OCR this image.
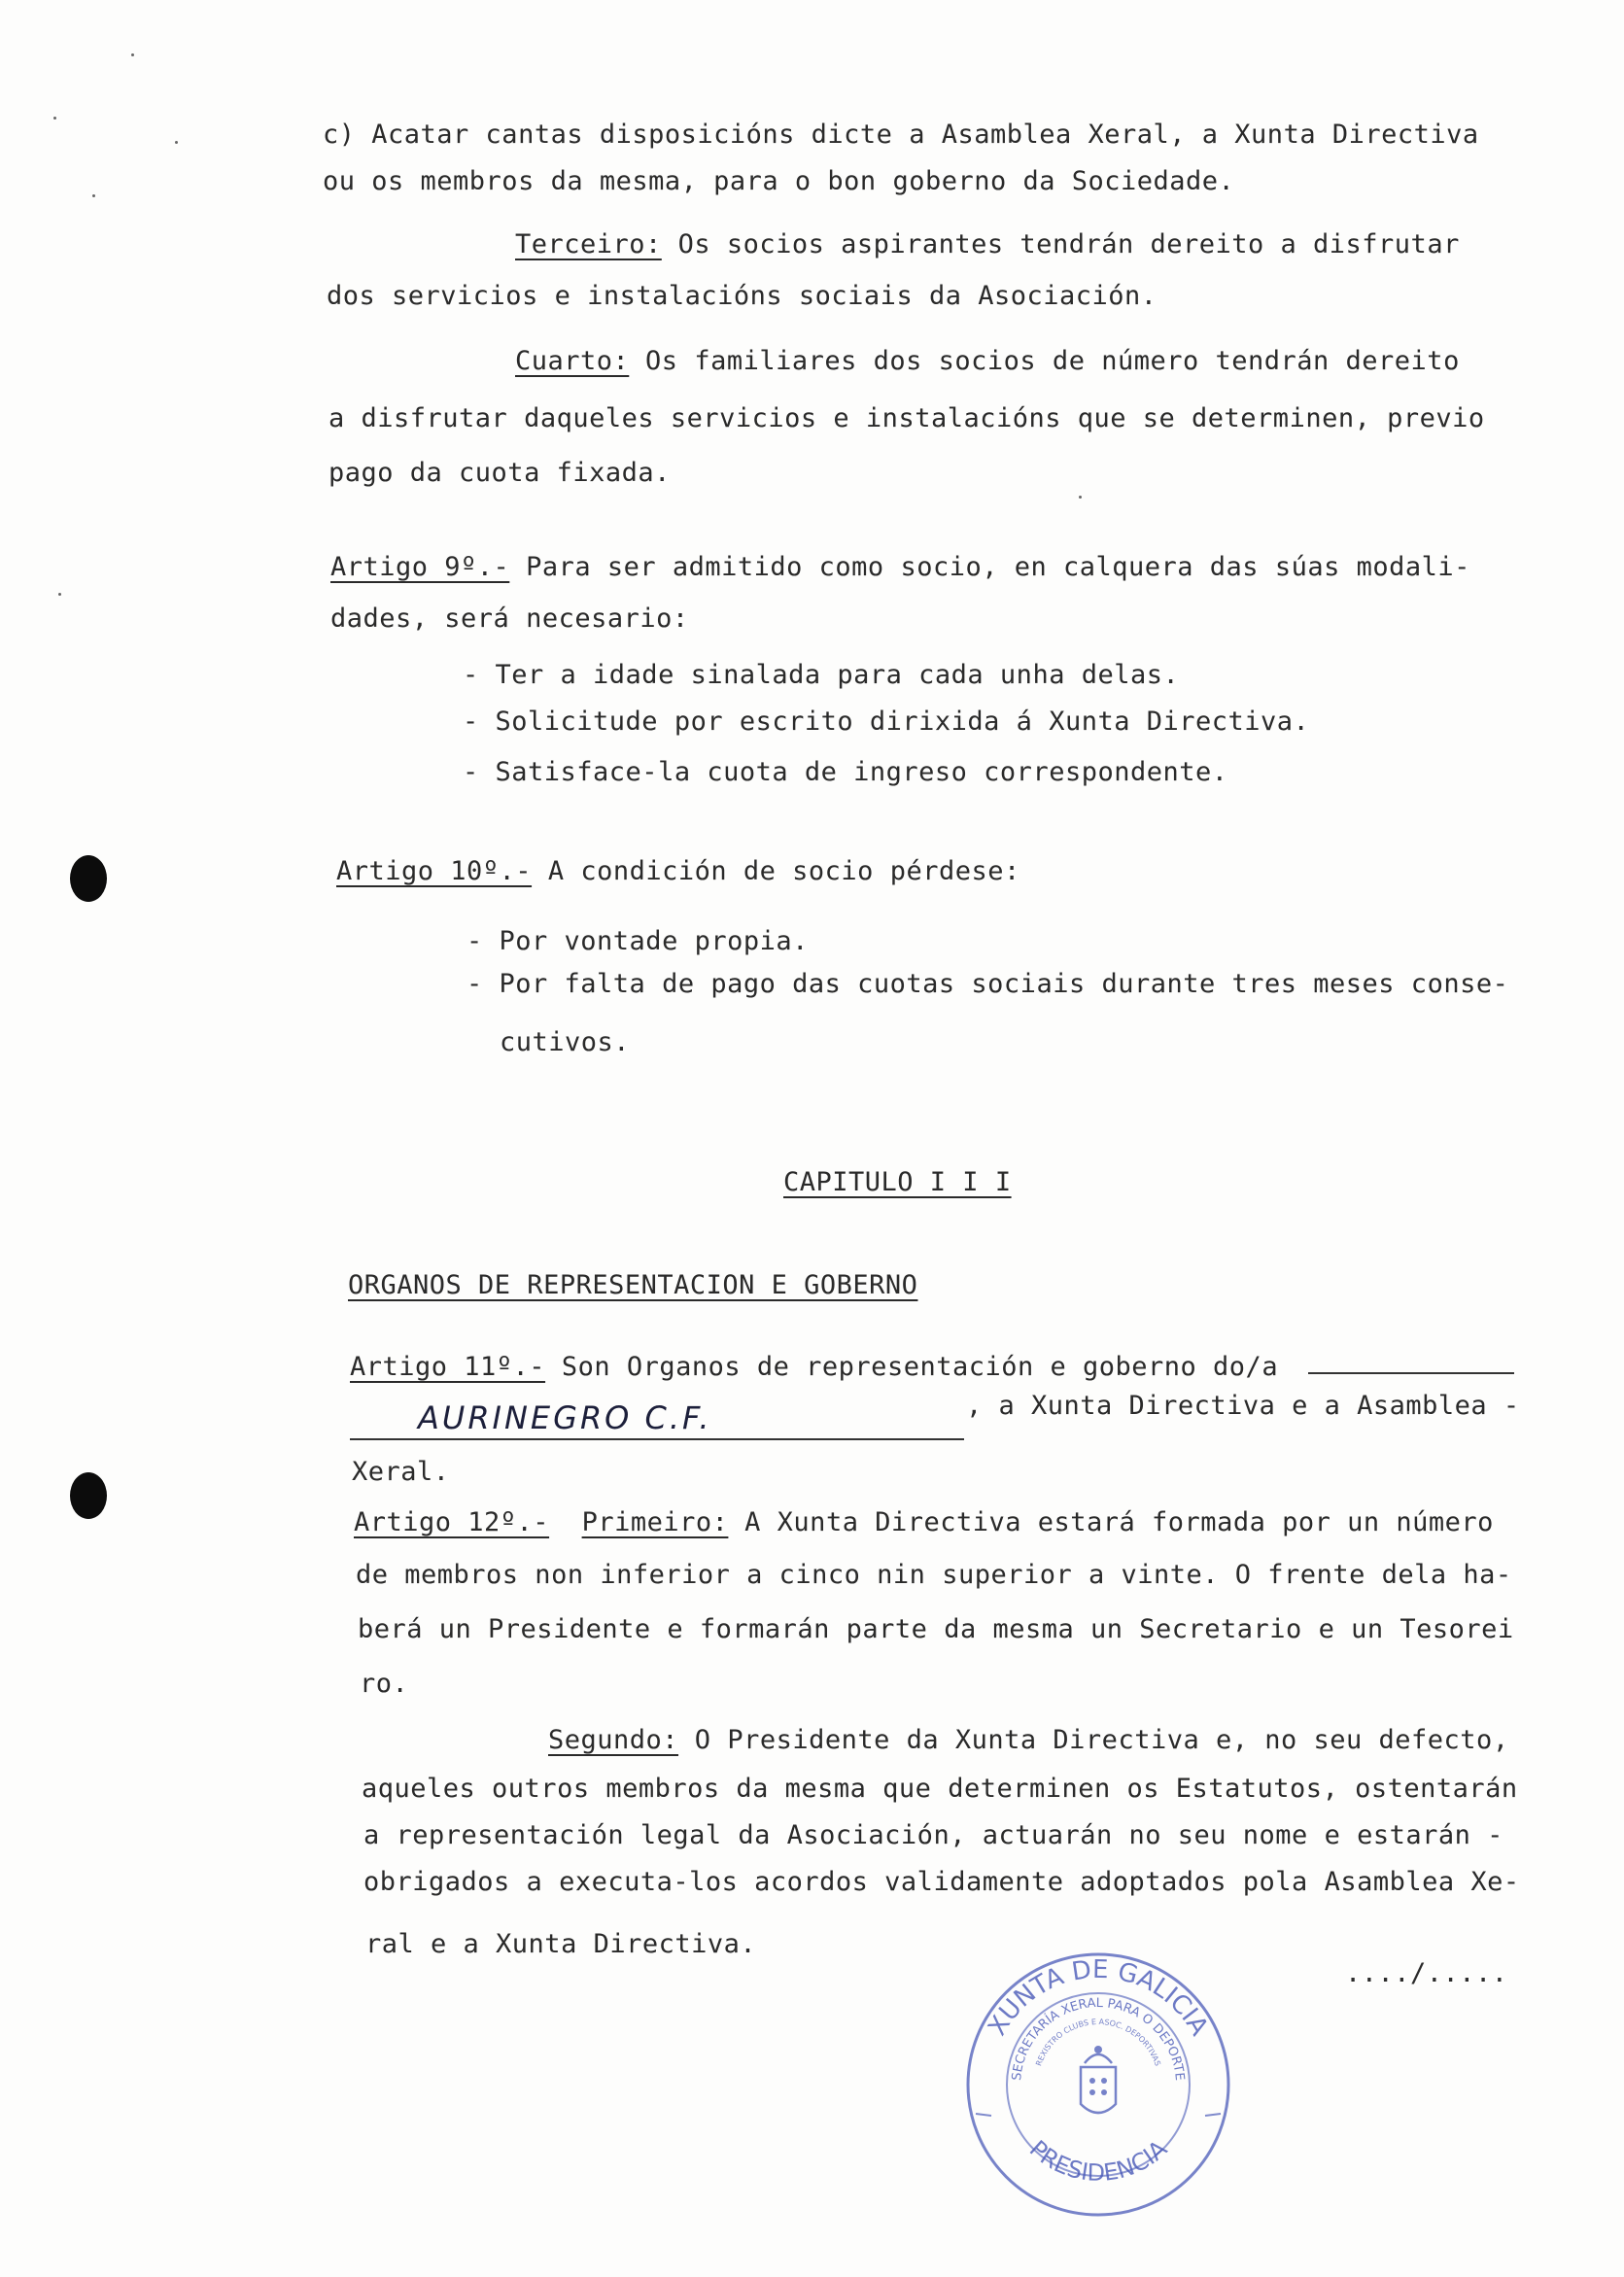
c) Acatar cantas disposicións dicte a Asamblea Xeral, a Xunta Directiva
ou os membros da mesma, para o bon goberno da Sociedade.
Terceiro: Os socios aspirantes tendrán dereito a disfrutar
dos servicios e instalacións sociais da Asociación.
Cuarto: Os familiares dos socios de número tendrán dereito
a disfrutar daqueles servicios e instalacións que se determinen, previo
pago da cuota fixada.
Artigo 9º.- Para ser admitido como socio, en calquera das súas modali-
dades, será necesario:
- Ter a idade sinalada para cada unha delas.
- Solicitude por escrito dirixida á Xunta Directiva.
- Satisface-la cuota de ingreso correspondente.
Artigo 10º.- A condición de socio pérdese:
- Por vontade propia.
- Por falta de pago das cuotas sociais durante tres meses conse-
cutivos.
CAPITULO I I I
ORGANOS DE REPRESENTACION E GOBERNO
Artigo 11º.- Son Organos de representación e goberno do/a
AURINEGRO C.F.	, a Xunta Directiva e a Asamblea -
Xeral.
Artigo 12º.- Primeiro: A Xunta Directiva estará formada por un número
de membros non inferior a cinco nin superior a vinte. O frente dela ha-
berá un Presidente e formarán parte da mesma un Secretario e un Tesorei
ro.
Segundo: O Presidente da Xunta Directiva e, no seu defecto,
aqueles outros membros da mesma que determinen os Estatutos, ostentarán
a representación legal da Asociación, actuarán no seu nome e estarán -
obrigados a executa-los acordos validamente adoptados pola Asamblea Xe-
ral e a Xunta Directiva.
..../.....
XUNTA DE GALICIA
SECRETARÍA XERAL PARA O DEPORTE
REXISTRO CLUBS E ASOC. DEPORTIVAS
PRESIDENCIA
